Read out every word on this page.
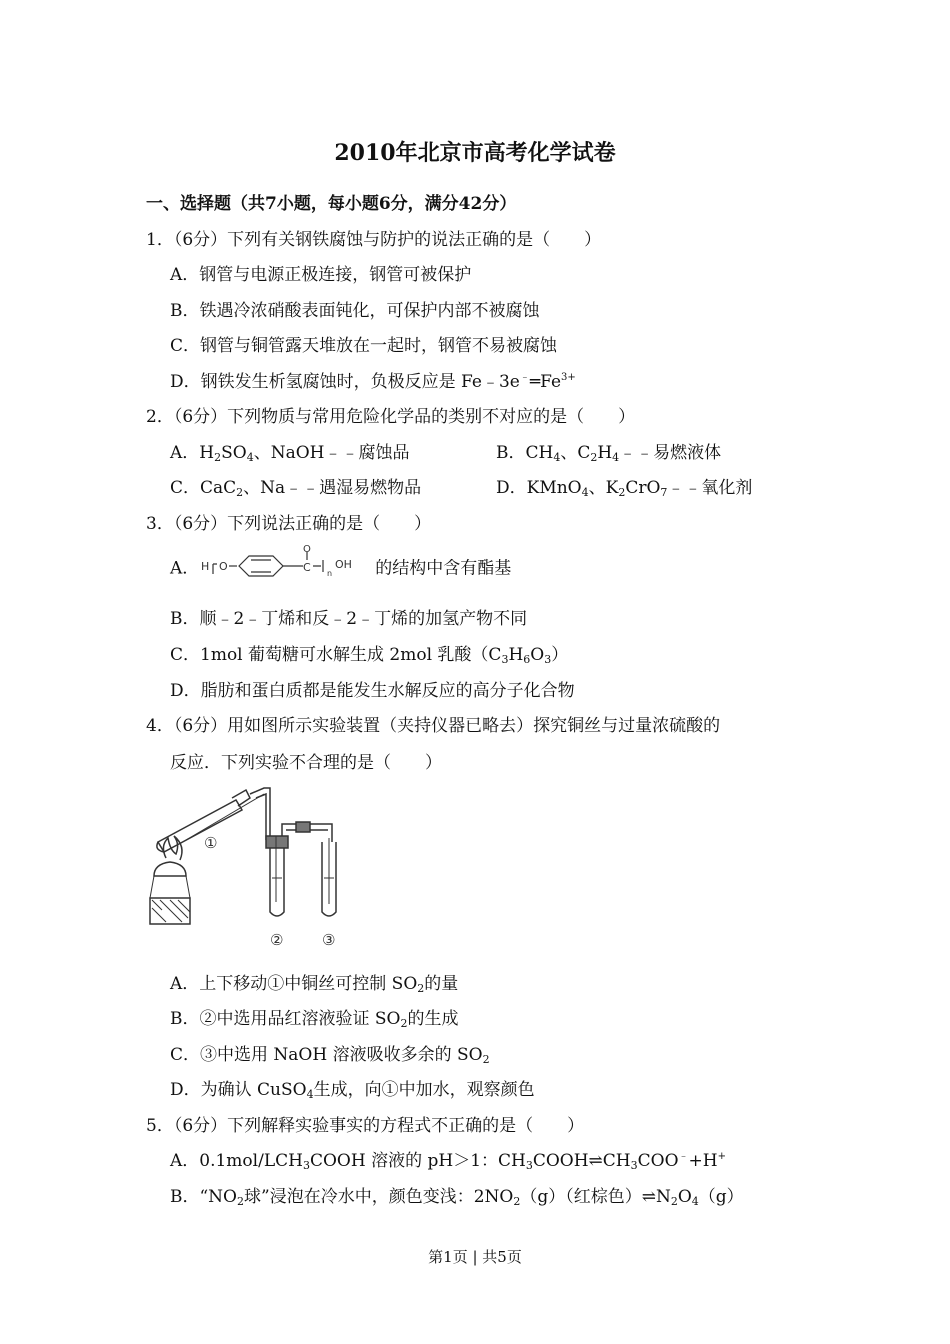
2010年北京市高考化学试卷
一、选择题（共7小题，每小题6分，满分42分）
1．（6分）下列有关钢铁腐蚀与防护的说法正确的是（　　）
A．钢管与电源正极连接，钢管可被保护
B．铁遇冷浓硝酸表面钝化，可保护内部不被腐蚀
C．钢管与铜管露天堆放在一起时，钢管不易被腐蚀
D．钢铁发生析氢腐蚀时，负极反应是 $Fe﹣3e^﹣═Fe^{3+}$
2．（6分）下列物质与常用危险化学品的类别不对应的是（　　）
A．$H_2SO_4$、NaOH﹣﹣腐蚀品	B．$CH_4$、$C_2H_4﹣﹣$易燃液体
C．CaC$_2$、Na﹣﹣遇湿易燃物品	D．KMnO$_4$、$K_2CrO_7﹣﹣$氧化剂
3．（6分）下列说法正确的是（　　）
A． H O	C
O
n
OH 的结构中含有酯基
B．顺﹣2﹣丁烯和反﹣2﹣丁烯的加氢产物不同
C．1mol 葡萄糖可水解生成 2mol 乳酸$(C_3H_6O_3)$
D．脂肪和蛋白质都是能发生水解反应的高分子化合物
4．（6分）用如图所示实验装置（夹持仪器已略去）探究铜丝与过量浓硫酸的
反应．下列实验不合理的是（　　）
①
②	③
A．上下移动①中铜丝可控制 $SO_2$的量
B．②中选用品红溶液验证 $SO_2$的生成
C．③中选用 NaOH 溶液吸收多余的 $SO_2$
D．为确认 CuSO$_4$生成，向①中加水，观察颜色
5．（6分）下列解释实验事实的方程式不正确的是（　　）
A．$0.1mol/LCH_3COOH$ 溶液的 pH＞1：$CH_3COOH\rightleftharpoons CH_3COO^﹣+H^+$
B．“$NO_2$球”浸泡在冷水中，颜色变浅：$2NO_2(g)$（红棕色）$\rightleftharpoons N_2O_4(g)$
第1页 | 共5页
